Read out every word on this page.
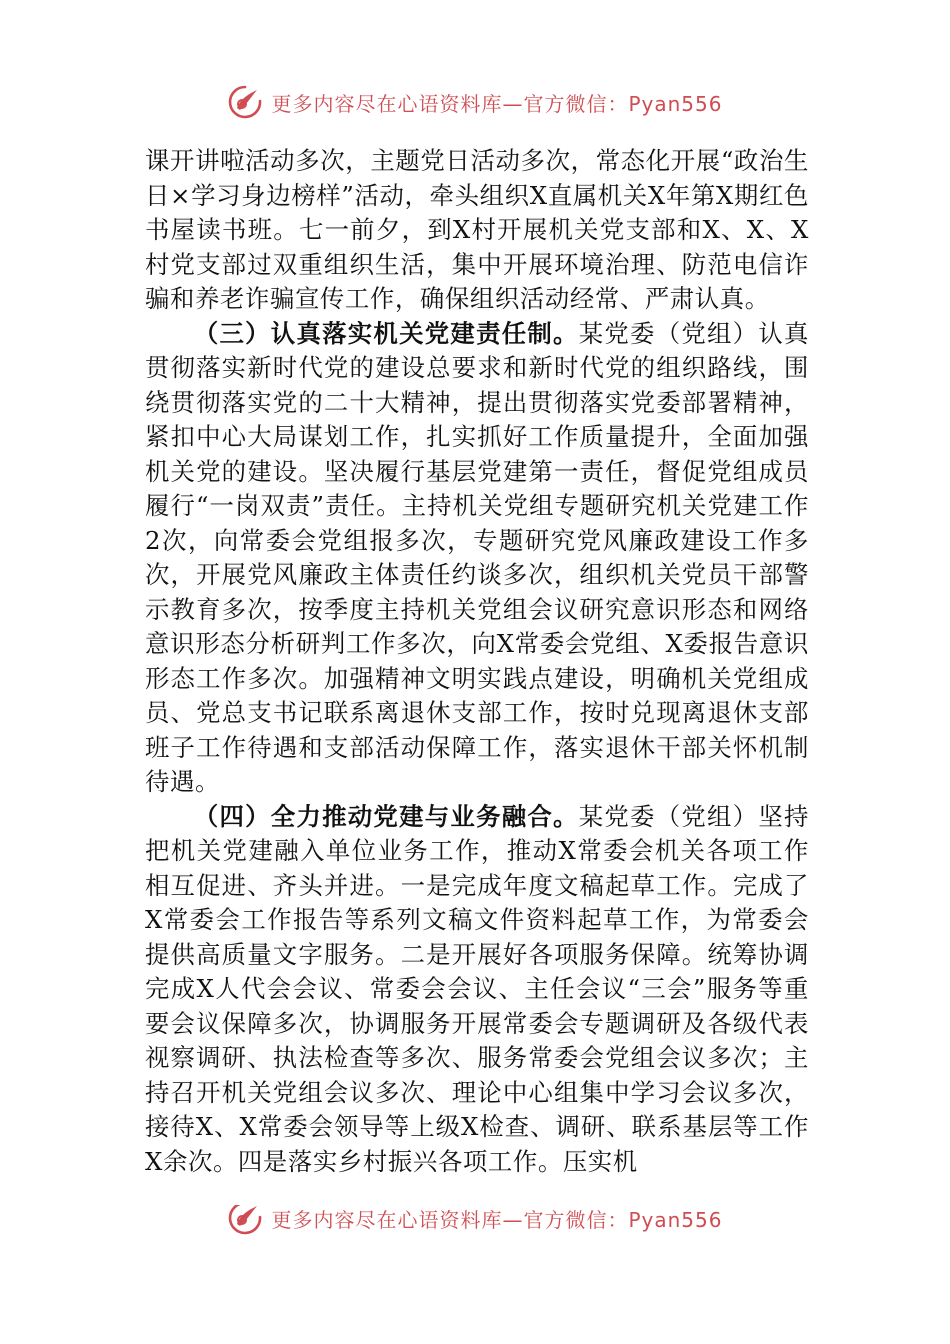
更多内容尽在心语资料库—官方微信：Pyan556

课开讲啦活动多次，主题党日活动多次，常态化开展“政治生日×学习身边榜样”活动，牵头组织X直属机关X年第X期红色书屋读书班。七一前夕，到X村开展机关党支部和X、X、X村党支部过双重组织生活，集中开展环境治理、防范电信诈骗和养老诈骗宣传工作，确保组织活动经常、严肃认真。

（三）认真落实机关党建责任制。某党委（党组）认真贯彻落实新时代党的建设总要求和新时代党的组织路线，围绕贯彻落实党的二十大精神，提出贯彻落实党委部署精神，紧扣中心大局谋划工作，扎实抓好工作质量提升，全面加强机关党的建设。坚决履行基层党建第一责任，督促党组成员履行“一岗双责”责任。主持机关党组专题研究机关党建工作2次，向常委会党组报多次，专题研究党风廉政建设工作多次，开展党风廉政主体责任约谈多次，组织机关党员干部警示教育多次，按季度主持机关党组会议研究意识形态和网络意识形态分析研判工作多次，向X常委会党组、X委报告意识形态工作多次。加强精神文明实践点建设，明确机关党组成员、党总支书记联系离退休支部工作，按时兑现离退休支部班子工作待遇和支部活动保障工作，落实退休干部关怀机制待遇。

（四）全力推动党建与业务融合。某党委（党组）坚持把机关党建融入单位业务工作，推动X常委会机关各项工作相互促进、齐头并进。一是完成年度文稿起草工作。完成了X常委会工作报告等系列文稿文件资料起草工作，为常委会提供高质量文字服务。二是开展好各项服务保障。统筹协调完成X人代会会议、常委会会议、主任会议“三会”服务等重要会议保障多次，协调服务开展常委会专题调研及各级代表视察调研、执法检查等多次、服务常委会党组会议多次；主持召开机关党组会议多次、理论中心组集中学习会议多次，接待X、X常委会领导等上级X检查、调研、联系基层等工作X余次。四是落实乡村振兴各项工作。压实机

更多内容尽在心语资料库—官方微信：Pyan556
